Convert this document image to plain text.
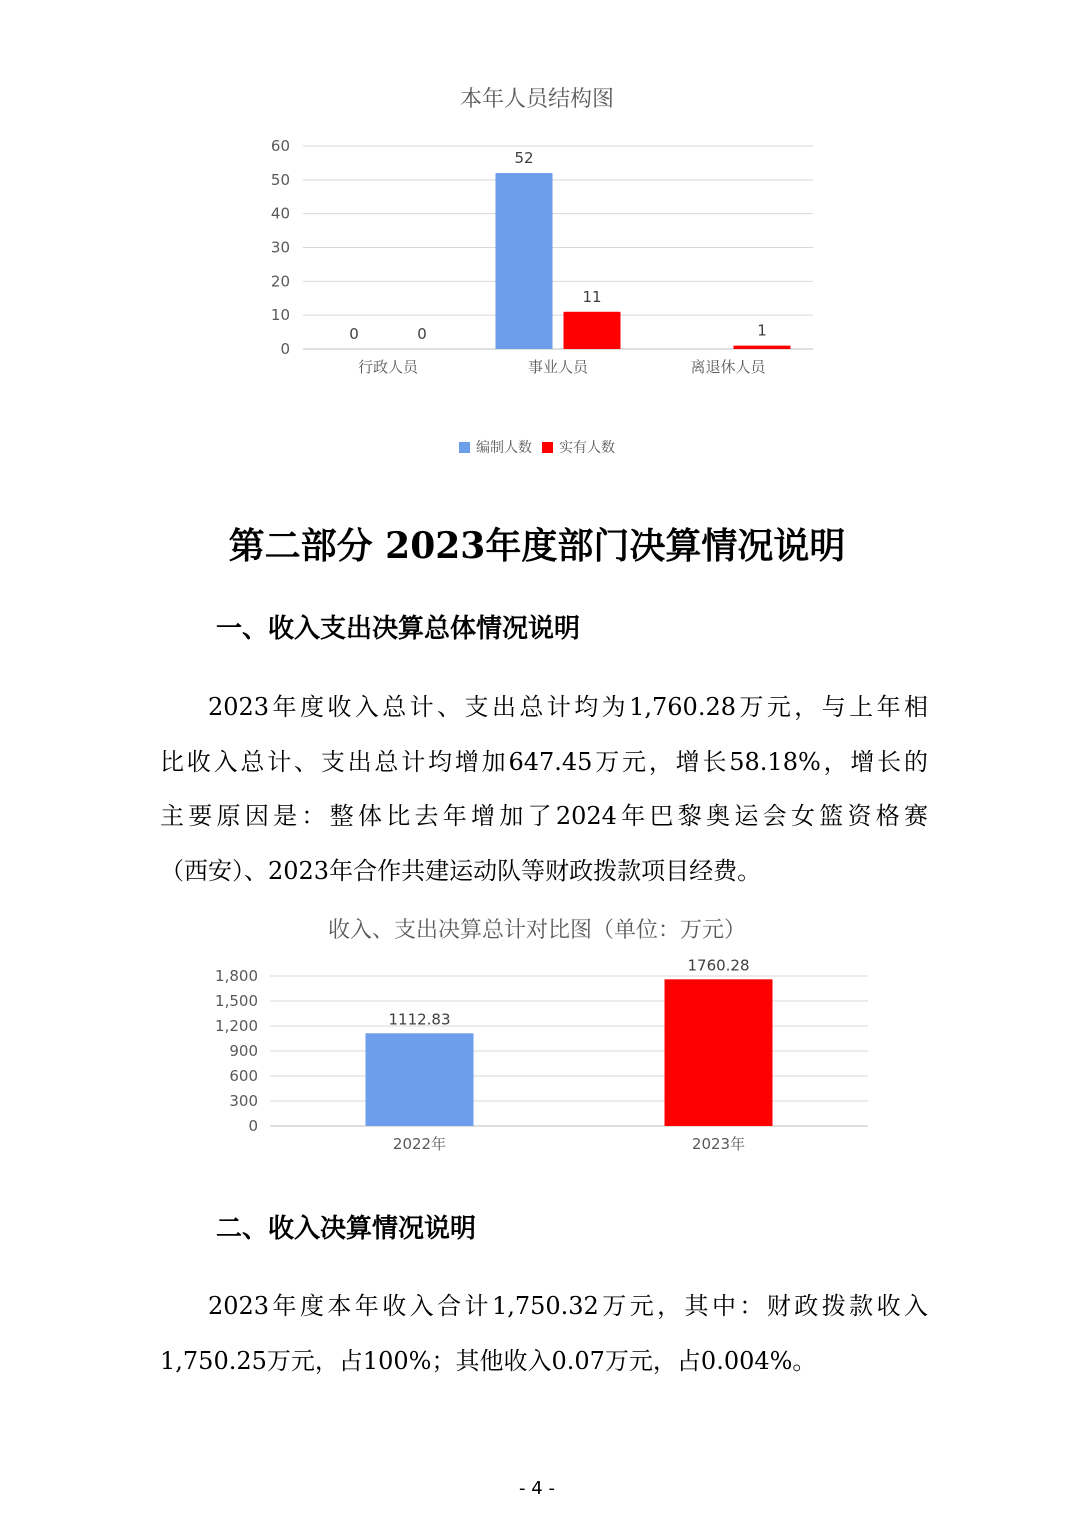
本年人员结构图
0
10
20
30
40
50
60
行政人员
0	0
事业人员
52
11
离退休人员
1
编制人数 实有人数
第二部分 2023年度部门决算情况说明
一、收入支出决算总体情况说明

2023年度收入总计、支出总计均为1,760.28万元，与上年相
比收入总计、支出总计均增加647.45万元，增长58.18%，增长的
主要原因是：整体比去年增加了2024年巴黎奥运会女篮资格赛
（西安）、2023年合作共建运动队等财政拨款项目经费。

收入、支出决算总计对比图（单位：万元）
0
300
600
900
1,200
1,500
1,800
1112.83
2022年
1760.28
2023年
二、收入决算情况说明

2023年度本年收入合计1,750.32万元，其中：财政拨款收入
1,750.25万元，占100%；其他收入0.07万元，占0.004%。

- 4 -
